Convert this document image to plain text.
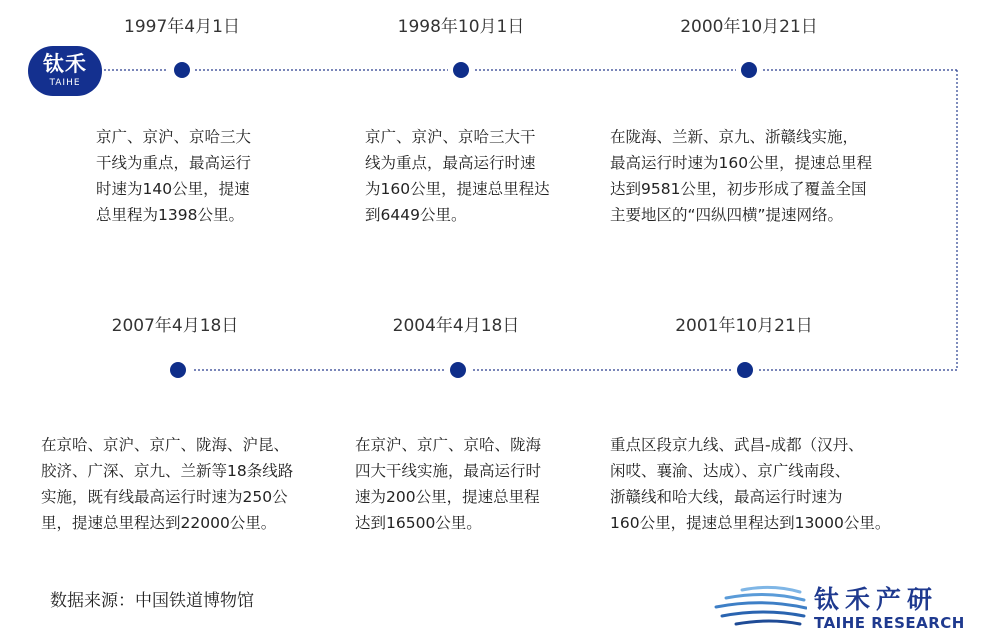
钛禾
TAIHE
1997年4月1日
京广、京沪、京哈三大
干线为重点，最高运行
时速为140公里，提速
总里程为1398公里。
1998年10月1日
京广、京沪、京哈三大干
线为重点，最高运行时速
为160公里，提速总里程达
到6449公里。
2000年10月21日
在陇海、兰新、京九、浙赣线实施，
最高运行时速为160公里，提速总里程
达到9581公里，初步形成了覆盖全国
主要地区的“四纵四横”提速网络。
2007年4月18日
在京哈、京沪、京广、陇海、沪昆、
胶济、广深、京九、兰新等18条线路
实施，既有线最高运行时速为250公
里，提速总里程达到22000公里。
2004年4月18日
在京沪、京广、京哈、陇海
四大干线实施，最高运行时
速为200公里，提速总里程
达到16500公里。
2001年10月21日
重点区段京九线、武昌-成都（汉丹、
闲哎、襄渝、达成）、京广线南段、
浙赣线和哈大线，最高运行时速为
160公里，提速总里程达到13000公里。
数据来源：中国铁道博物馆	钛禾产研
TAIHE RESEARCH
